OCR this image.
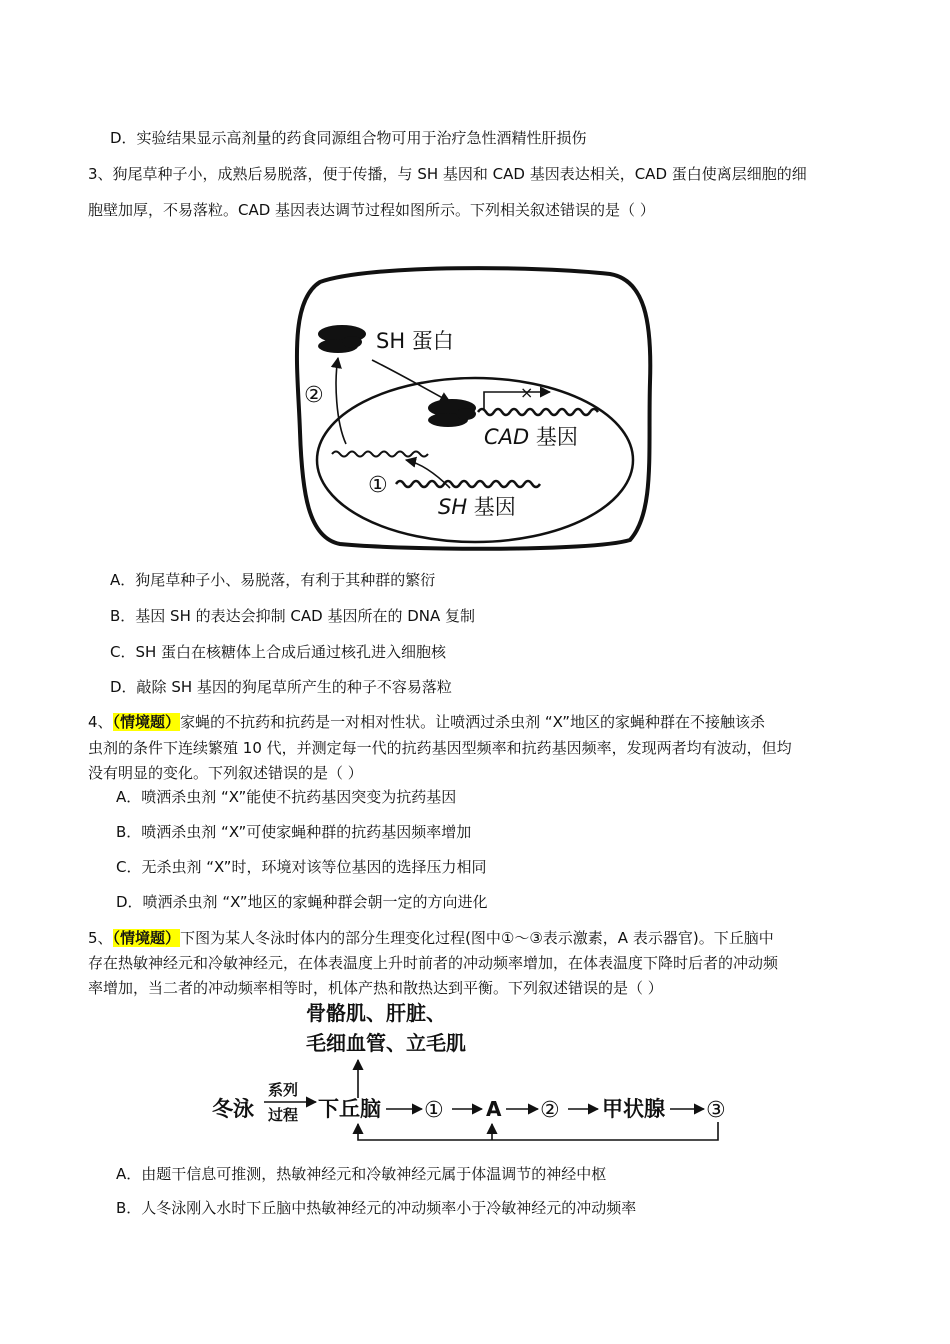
D．实验结果显示高剂量的药食同源组合物可用于治疗急性酒精性肝损伤
3、狗尾草种子小，成熟后易脱落，便于传播，与 SH 基因和 CAD 基因表达相关，CAD 蛋白使离层细胞的细
胞壁加厚，不易落粒。CAD 基因表达调节过程如图所示。下列相关叙述错误的是（ ）
SH 蛋白
②	×
CAD 基因
①
SH 基因
A．狗尾草种子小、易脱落，有利于其种群的繁衍
B．基因 SH 的表达会抑制 CAD 基因所在的 DNA 复制
C．SH 蛋白在核糖体上合成后通过核孔进入细胞核
D．敲除 SH 基因的狗尾草所产生的种子不容易落粒
4、（情境题）家蝇的不抗药和抗药是一对相对性状。让喷洒过杀虫剂 “X”地区的家蝇种群在不接触该杀
虫剂的条件下连续繁殖 10 代，并测定每一代的抗药基因型频率和抗药基因频率，发现两者均有波动，但均
没有明显的变化。下列叙述错误的是（ ）
A．喷洒杀虫剂 “X”能使不抗药基因突变为抗药基因
B．喷洒杀虫剂 “X”可使家蝇种群的抗药基因频率增加
C．无杀虫剂 “X”时，环境对该等位基因的选择压力相同
D．喷洒杀虫剂 “X”地区的家蝇种群会朝一定的方向进化
5、（情境题）下图为某人冬泳时体内的部分生理变化过程(图中①～③表示激素，A 表示器官)。下丘脑中
存在热敏神经元和冷敏神经元，在体表温度上升时前者的冲动频率增加，在体表温度下降时后者的冲动频
率增加，当二者的冲动频率相等时，机体产热和散热达到平衡。下列叙述错误的是（ ）
骨骼肌、肝脏、
毛细血管、立毛肌
冬泳
系列
过程 下丘脑 ① A ② 甲状腺 ③
A．由题干信息可推测，热敏神经元和冷敏神经元属于体温调节的神经中枢
B．人冬泳刚入水时下丘脑中热敏神经元的冲动频率小于冷敏神经元的冲动频率
